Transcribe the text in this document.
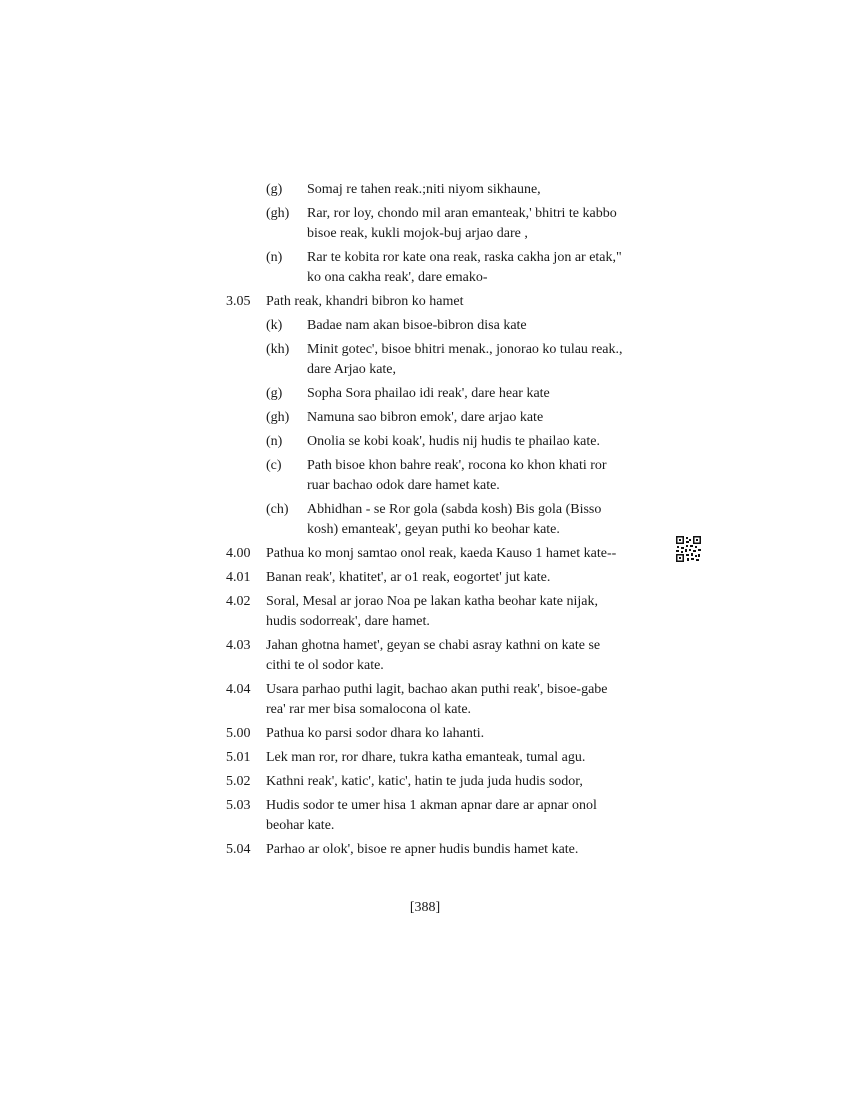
(g)	Somaj re tahen reak.;niti niyom sikhaune,
(gh)	Rar, ror loy, chondo mil aran emanteak,' bhitri te kabbo bisoe reak, kukli mojok-buj arjao dare ,
(n)	Rar te kobita ror kate ona reak, raska cakha jon ar etak," ko ona cakha reak', dare emako-
3.05	Path reak, khandri bibron ko hamet
(k)	Badae nam akan bisoe-bibron disa kate
(kh)	Minit gotec', bisoe bhitri menak., jonorao ko tulau reak., dare Arjao kate,
(g)	Sopha Sora phailao idi reak', dare hear kate
(gh)	Namuna sao bibron emok', dare arjao kate
(n)	Onolia se kobi koak', hudis nij hudis te phailao kate.
(c)	Path bisoe khon bahre reak', rocona ko khon khati ror ruar bachao odok dare hamet kate.
(ch)	Abhidhan - se Ror gola (sabda kosh) Bis gola (Bisso kosh) emanteak', geyan puthi ko beohar kate.
4.00	Pathua ko monj samtao onol reak, kaeda Kauso 1 hamet kate--
4.01	Banan reak', khatitet', ar o1 reak, eogortet' jut kate.
4.02	Soral, Mesal ar jorao Noa pe lakan katha beohar kate nijak, hudis sodorreak', dare hamet.
4.03	Jahan ghotna hamet', geyan se chabi asray kathni on kate se cithi te ol sodor kate.
4.04	Usara parhao puthi lagit, bachao akan puthi reak', bisoe-gabe rea' rar mer bisa somalocona ol kate.
5.00	Pathua ko parsi sodor dhara ko lahanti.
5.01	Lek man ror, ror dhare, tukra katha emanteak, tumal agu.
5.02	Kathni reak', katic', katic', hatin te juda juda hudis sodor,
5.03	Hudis sodor te umer hisa 1 akman apnar dare ar apnar onol beohar kate.
5.04	Parhao ar olok', bisoe re apner hudis bundis hamet kate.
[388]
